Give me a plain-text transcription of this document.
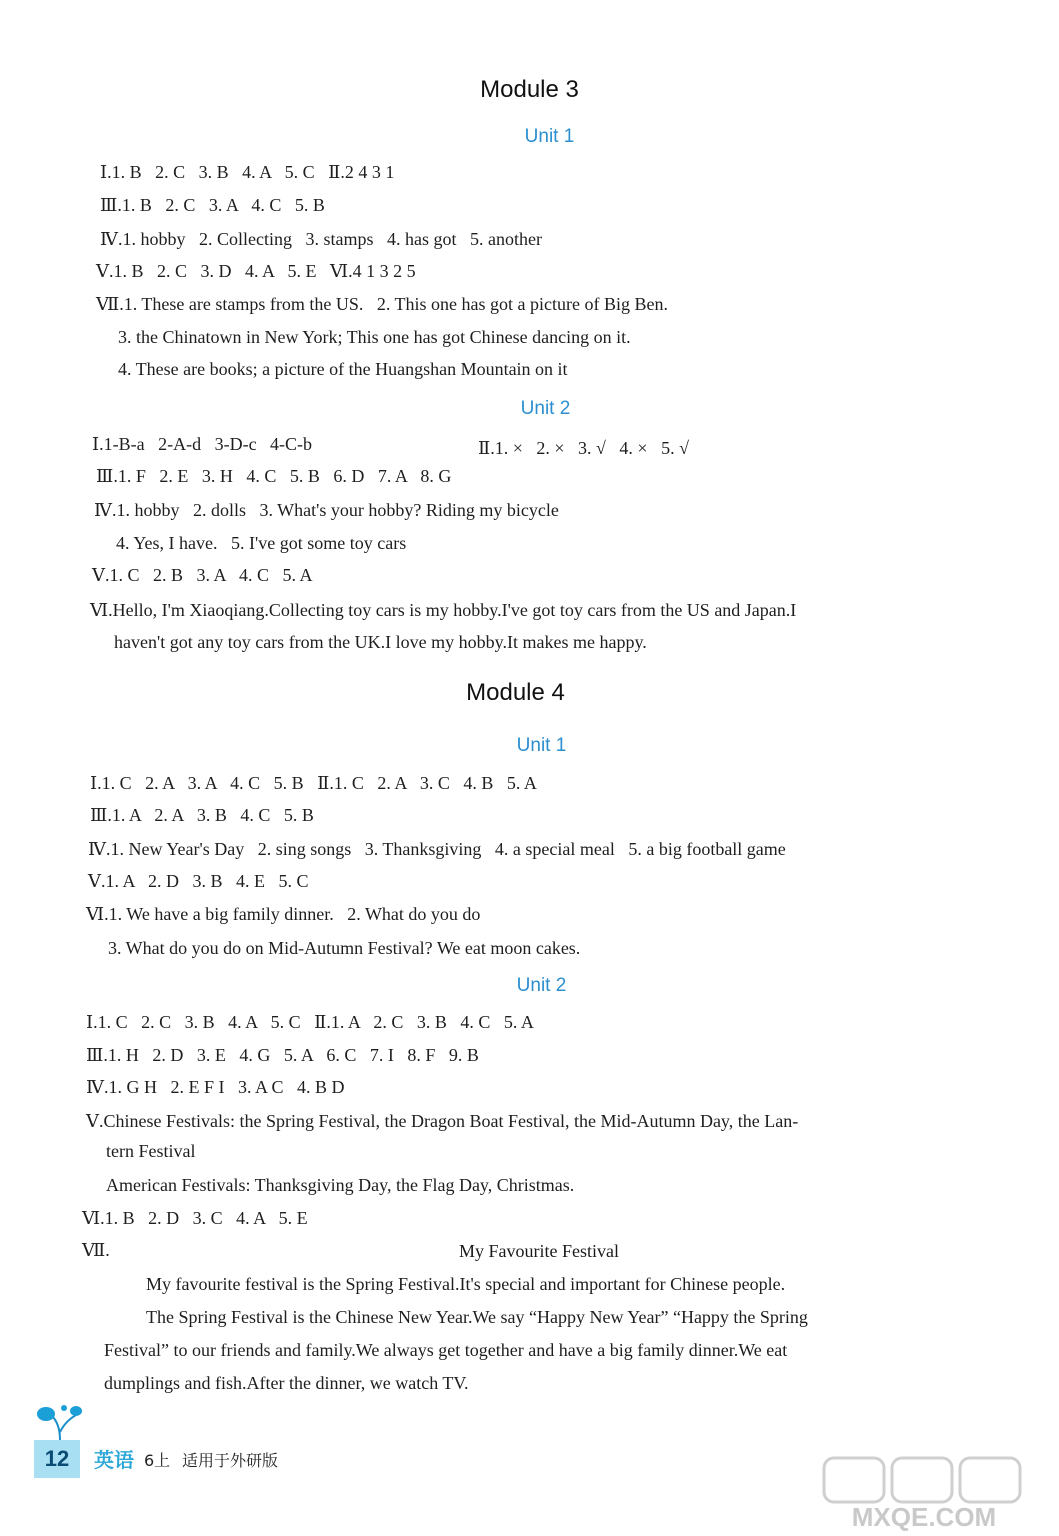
Module 3
Unit 1
Ⅰ.1. B   2. C   3. B   4. A   5. C   Ⅱ.2 4 3 1
Ⅲ.1. B   2. C   3. A   4. C   5. B
Ⅳ.1. hobby   2. Collecting   3. stamps   4. has got   5. another
Ⅴ.1. B   2. C   3. D   4. A   5. E   Ⅵ.4 1 3 2 5
Ⅶ.1. These are stamps from the US.   2. This one has got a picture of Big Ben.
3. the Chinatown in New York; This one has got Chinese dancing on it.
4. These are books; a picture of the Huangshan Mountain on it
Unit 2
Ⅰ.1-B-a   2-A-d   3-D-c   4-C-b	Ⅱ.1. ×   2. ×   3. √   4. ×   5. √
Ⅲ.1. F   2. E   3. H   4. C   5. B   6. D   7. A   8. G
Ⅳ.1. hobby   2. dolls   3. What's your hobby? Riding my bicycle
4. Yes, I have.   5. I've got some toy cars
Ⅴ.1. C   2. B   3. A   4. C   5. A
Ⅵ.Hello, I'm Xiaoqiang.Collecting toy cars is my hobby.I've got toy cars from the US and Japan.I
haven't got any toy cars from the UK.I love my hobby.It makes me happy.
Module 4
Unit 1
Ⅰ.1. C   2. A   3. A   4. C   5. B   Ⅱ.1. C   2. A   3. C   4. B   5. A
Ⅲ.1. A   2. A   3. B   4. C   5. B
Ⅳ.1. New Year's Day   2. sing songs   3. Thanksgiving   4. a special meal   5. a big football game
Ⅴ.1. A   2. D   3. B   4. E   5. C
Ⅵ.1. We have a big family dinner.   2. What do you do
3. What do you do on Mid-Autumn Festival? We eat moon cakes.
Unit 2
Ⅰ.1. C   2. C   3. B   4. A   5. C   Ⅱ.1. A   2. C   3. B   4. C   5. A
Ⅲ.1. H   2. D   3. E   4. G   5. A   6. C   7. I   8. F   9. B
Ⅳ.1. G H   2. E F I   3. A C   4. B D
Ⅴ.Chinese Festivals: the Spring Festival, the Dragon Boat Festival, the Mid-Autumn Day, the Lan-
tern Festival
American Festivals: Thanksgiving Day, the Flag Day, Christmas.
Ⅵ.1. B   2. D   3. C   4. A   5. E
Ⅶ.	My Favourite Festival
My favourite festival is the Spring Festival.It's special and important for Chinese people.
The Spring Festival is the Chinese New Year.We say “Happy New Year” “Happy the Spring
Festival” to our friends and family.We always get together and have a big family dinner.We eat
dumplings and fish.After the dinner, we watch TV.
12	英语 6上 适用于外研版
MXQE.COM
